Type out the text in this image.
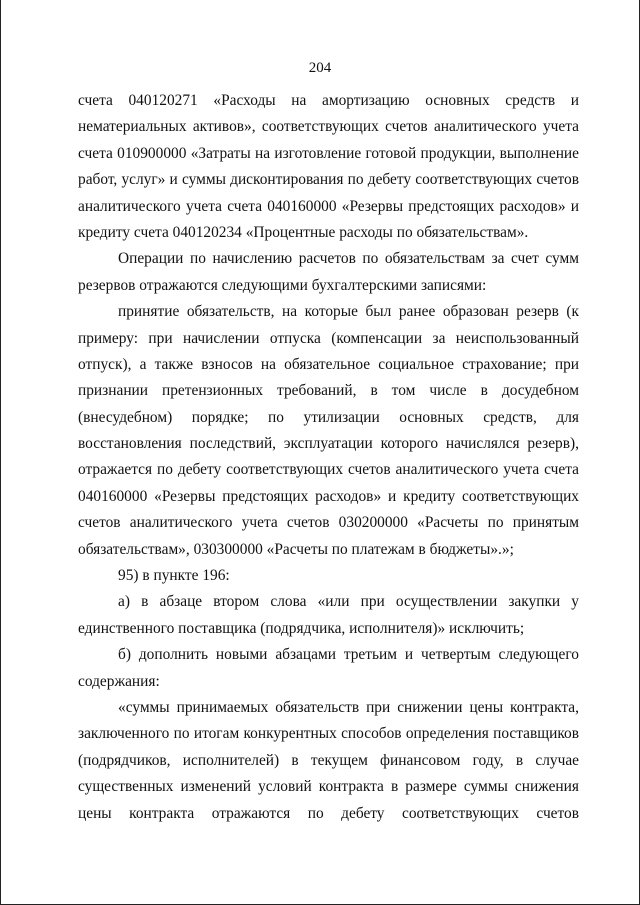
204
счета 040120271 «Расходы на амортизацию основных средств и
нематериальных активов», соответствующих счетов аналитического учета
счета 010900000 «Затраты на изготовление готовой продукции, выполнение
работ, услуг» и суммы дисконтирования по дебету соответствующих счетов
аналитического учета счета 040160000 «Резервы предстоящих расходов» и
кредиту счета 040120234 «Процентные расходы по обязательствам».
Операции по начислению расчетов по обязательствам за счет сумм
резервов отражаются следующими бухгалтерскими записями:
принятие обязательств, на которые был ранее образован резерв (к
примеру: при начислении отпуска (компенсации за неиспользованный
отпуск), а также взносов на обязательное социальное страхование; при
признании претензионных требований, в том числе в досудебном
(внесудебном) порядке; по утилизации основных средств, для
восстановления последствий, эксплуатации которого начислялся резерв),
отражается по дебету соответствующих счетов аналитического учета счета
040160000 «Резервы предстоящих расходов» и кредиту соответствующих
счетов аналитического учета счетов 030200000 «Расчеты по принятым
обязательствам», 030300000 «Расчеты по платежам в бюджеты».»;
95) в пункте 196:
а) в абзаце втором слова «или при осуществлении закупки у
единственного поставщика (подрядчика, исполнителя)» исключить;
б) дополнить новыми абзацами третьим и четвертым следующего
содержания:
«суммы принимаемых обязательств при снижении цены контракта,
заключенного по итогам конкурентных способов определения поставщиков
(подрядчиков, исполнителей) в текущем финансовом году, в случае
существенных изменений условий контракта в размере суммы снижения
цены контракта отражаются по дебету соответствующих счетов
